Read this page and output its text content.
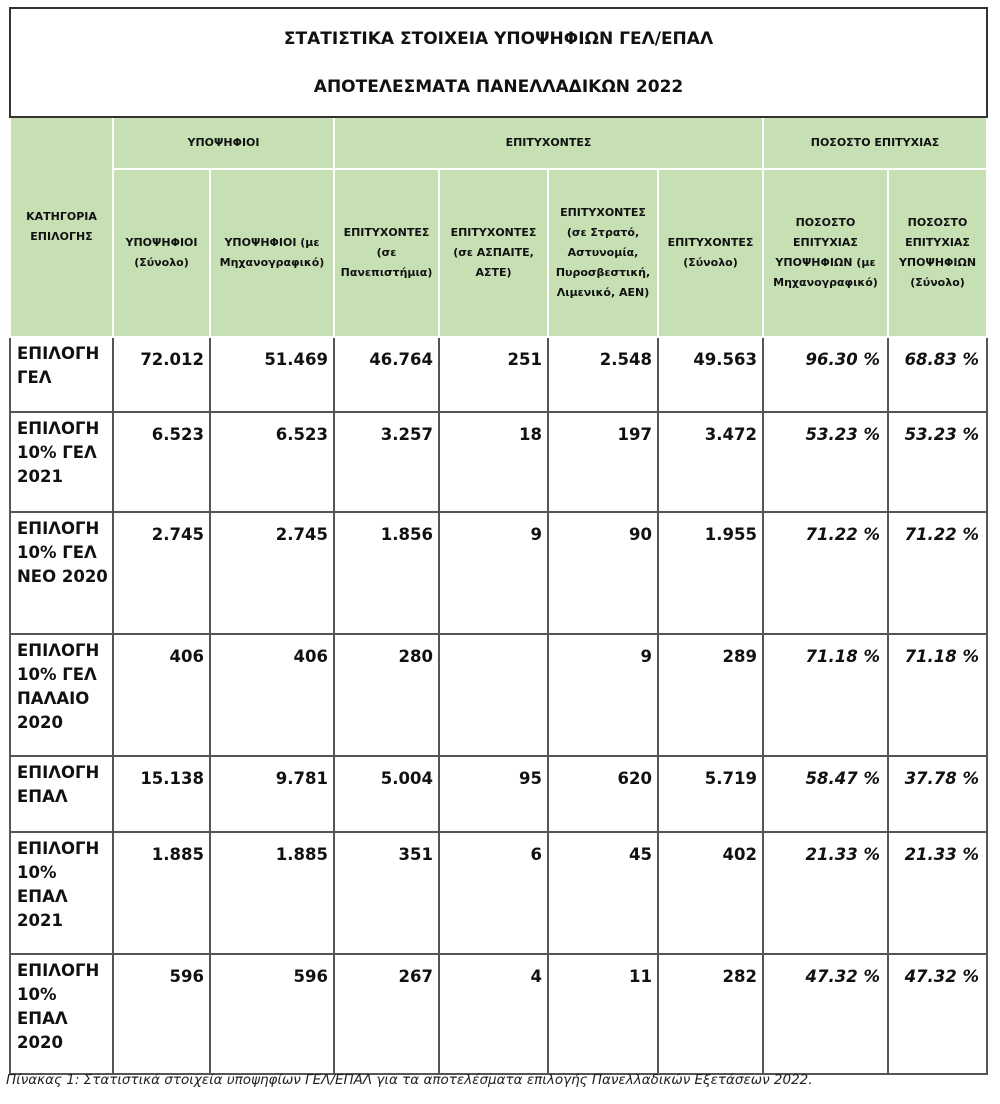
ΣΤΑΤΙΣΤΙΚΑ ΣΤΟΙΧΕΙΑ ΥΠΟΨΗΦΙΩΝ ΓΕΛ/ΕΠΑΛ
ΑΠΟΤΕΛΕΣΜΑΤΑ ΠΑΝΕΛΛΑΔΙΚΩΝ 2022								

ΚΑΤΗΓΟΡΙΑ ΕΠΙΛΟΓΗΣ	ΥΠΟΨΗΦΙΟΙ		ΕΠΙΤΥΧΟΝΤΕΣ				ΠΟΣΟΣΤΟ ΕΠΙΤΥΧΙΑΣ	
	ΥΠΟΨΗΦΙΟΙ (Σύνολο)	ΥΠΟΨΗΦΙΟΙ (με Μηχανογραφικό)	ΕΠΙΤΥΧΟΝΤΕΣ (σε Πανεπιστήμια)	ΕΠΙΤΥΧΟΝΤΕΣ (σε ΑΣΠΑΙΤΕ, ΑΣΤΕ)	ΕΠΙΤΥΧΟΝΤΕΣ (σε Στρατό, Αστυνομία, Πυροσβεστική, Λιμενικό, ΑΕΝ)	ΕΠΙΤΥΧΟΝΤΕΣ (Σύνολο)	ΠΟΣΟΣΤΟ ΕΠΙΤΥΧΙΑΣ ΥΠΟΨΗΦΙΩΝ (με Μηχανογραφικό)	ΠΟΣΟΣΤΟ ΕΠΙΤΥΧΙΑΣ ΥΠΟΨΗΦΙΩΝ (Σύνολο)
ΕΠΙΛΟΓΗ ΓΕΛ	72.012	51.469	46.764	251	2.548	49.563	96.30 %	68.83 %
ΕΠΙΛΟΓΗ 10% ΓΕΛ 2021	6.523	6.523	3.257	18	197	3.472	53.23 %	53.23 %
ΕΠΙΛΟΓΗ 10% ΓΕΛ ΝΕΟ 2020	2.745	2.745	1.856	9	90	1.955	71.22 %	71.22 %
ΕΠΙΛΟΓΗ 10% ΓΕΛ ΠΑΛΑΙΟ 2020	406	406	280		9	289	71.18 %	71.18 %
ΕΠΙΛΟΓΗ ΕΠΑΛ	15.138	9.781	5.004	95	620	5.719	58.47 %	37.78 %
ΕΠΙΛΟΓΗ 10% ΕΠΑΛ 2021	1.885	1.885	351	6	45	402	21.33 %	21.33 %
ΕΠΙΛΟΓΗ 10% ΕΠΑΛ 2020	596	596	267	4	11	282	47.32 %	47.32 %
Πίνακας 1: Στατιστικά στοιχεία υποψηφίων ΓΕΛ/ΕΠΑΛ για τα αποτελέσματα επιλογής Πανελλαδικών Εξετάσεων 2022.
